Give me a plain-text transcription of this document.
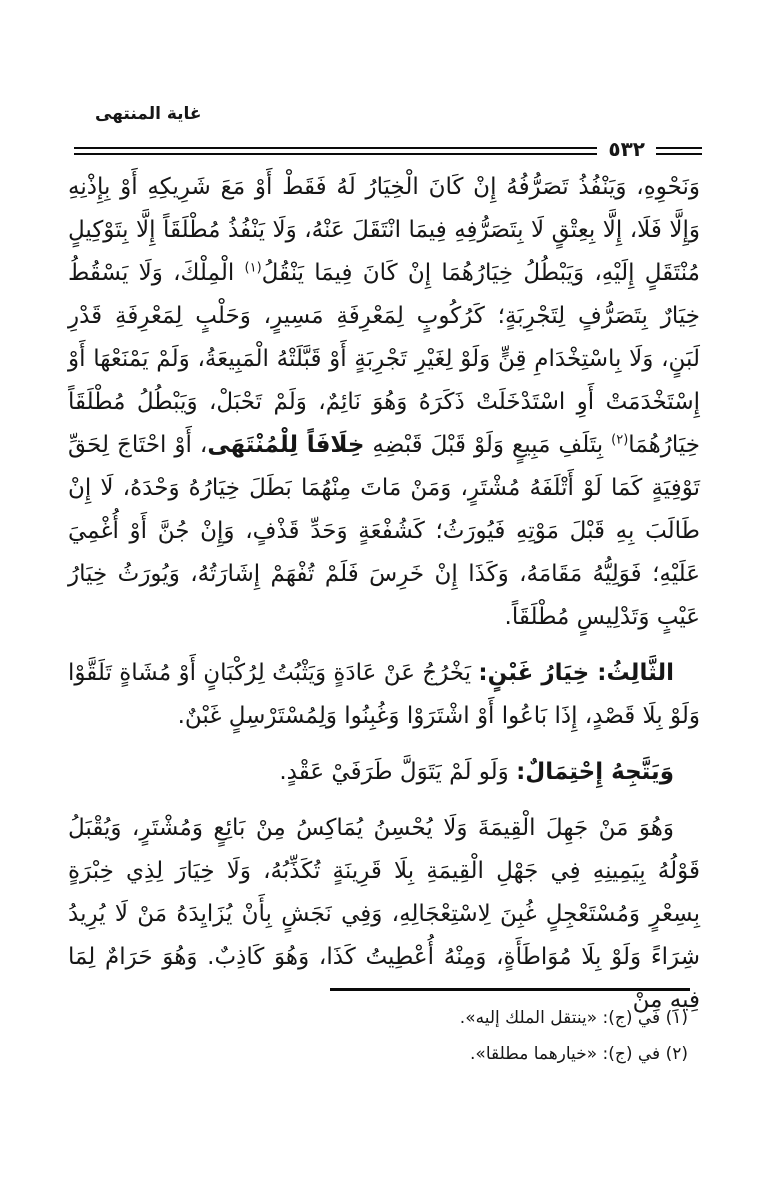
غاية المنتهى
٥٣٢

وَنَحْوِهِ، وَيَنْفُذُ تَصَرُّفُهُ إِنْ كَانَ الْخِيَارُ لَهُ فَقَطْ أَوْ مَعَ شَرِيكِهِ أَوْ بِإِذْنِهِ وَإِلَّا فَلَا، إِلَّا بِعِتْقٍ لَا بِتَصَرُّفِهِ فِيمَا انْتَقَلَ عَنْهُ، وَلَا يَنْفُذُ مُطْلَقَاً إِلَّا بِتَوْكِيلٍ مُنْتَقَلٍ إِلَيْهِ، وَيَبْطُلُ خِيَارُهُمَا إِنْ كَانَ فِيمَا يَنْقُلُ$^{(١)}$ الْمِلْكَ، وَلَا يَسْقُطُ خِيَارٌ بِتَصَرُّفٍ لِتَجْرِبَةٍ؛ كَرُكُوبٍ لِمَعْرِفَةِ مَسِيرٍ، وَحَلْبٍ لِمَعْرِفَةِ قَدْرِ لَبَنٍ، وَلَا بِاسْتِخْدَامِ قِنٍّ وَلَوْ لِغَيْرِ تَجْرِبَةٍ أَوْ قَبَّلَتْهُ الْمَبِيعَةُ، وَلَمْ يَمْنَعْهَا أَوْ إِسْتَخْدَمَتْ أَوِ اسْتَدْخَلَتْ ذَكَرَهُ وَهُوَ نَائِمٌ، وَلَمْ تَحْبَلْ، وَيَبْطُلُ مُطْلَقَاً خِيَارُهُمَا$^{(٢)}$ بِتَلَفِ مَبِيعٍ وَلَوْ قَبْلَ قَبْضِهِ خِلَافَاً لِلْمُنْتَهَى، أَوْ احْتَاجَ لِحَقِّ تَوْفِيَةٍ كَمَا لَوْ أَتْلَفَهُ مُشْتَرٍ، وَمَنْ مَاتَ مِنْهُمَا بَطَلَ خِيَارُهُ وَحْدَهُ، لَا إِنْ طَالَبَ بِهِ قَبْلَ مَوْتِهِ فَيُورَثُ؛ كَشُفْعَةٍ وَحَدِّ قَذْفٍ، وَإِنْ جُنَّ أَوْ أُغْمِيَ عَلَيْهِ؛ فَوَلِيُّهُ مَقَامَهُ، وَكَذَا إِنْ خَرِسَ فَلَمْ تُفْهَمْ إِشَارَتُهُ، وَيُورَثُ خِيَارُ عَيْبٍ وَتَدْلِيسٍ مُطْلَقَاً.

الثَّالِثُ: خِيَارُ غَبْنٍ: يَخْرُجُ عَنْ عَادَةٍ وَيَثْبُتُ لِرُكْبَانٍ أَوْ مُشَاةٍ تَلَقَّوْا وَلَوْ بِلَا قَصْدٍ، إِذَا بَاعُوا أَوْ اشْتَرَوْا وَغُبِنُوا وَلِمُسْتَرْسِلٍ غَبْنٌ.

وَيَتَّجِهُ إِحْتِمَالٌ: وَلَو لَمْ يَتَوَلَّ طَرَفَيْ عَقْدٍ.

وَهُوَ مَنْ جَهِلَ الْقِيمَةَ وَلَا يُحْسِنُ يُمَاكِسُ مِنْ بَائِعٍ وَمُشْتَرٍ، وَيُقْبَلُ قَوْلُهُ بِيَمِينِهِ فِي جَهْلِ الْقِيمَةِ بِلَا قَرِينَةٍ تُكَذِّبُهُ، وَلَا خِيَارَ لِذِي خِبْرَةٍ بِسِعْرٍ وَمُسْتَعْجِلٍ غُبِنَ لِاسْتِعْجَالِهِ، وَفِي نَجَشٍ بِأَنْ يُزَايِدَهُ مَنْ لَا يُرِيدُ شِرَاءً وَلَوْ بِلَا مُوَاطَأَةٍ، وَمِنْهُ أُعْطِيتُ كَذَا، وَهُوَ كَاذِبٌ. وَهُوَ حَرَامٌ لِمَا فِيهِ مِنْ

(١) في (ج): «ينتقل الملك إليه».
(٢) في (ج): «خيارهما مطلقا».
